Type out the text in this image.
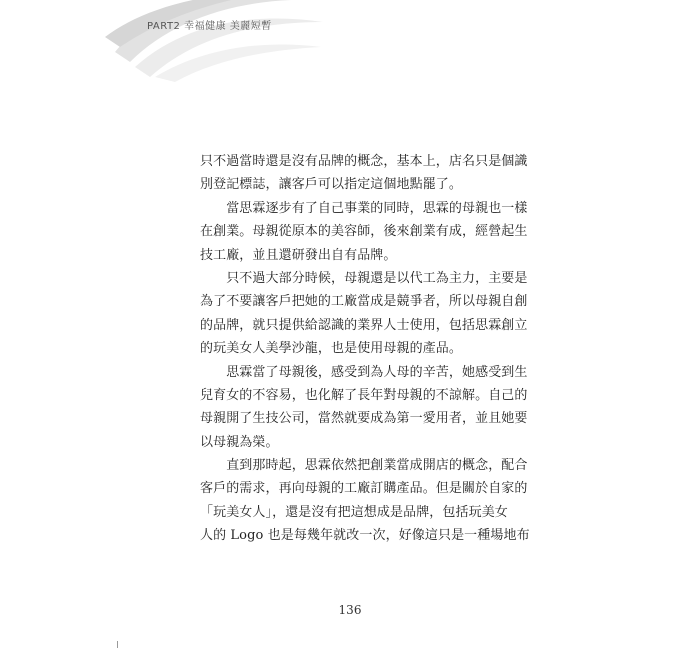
PART2 幸福健康 美麗短暫
只不過當時還是沒有品牌的概念，基本上，店名只是個識
別登記標誌，讓客戶可以指定這個地點罷了。
　　當思霖逐步有了自己事業的同時，思霖的母親也一樣
在創業。母親從原本的美容師，後來創業有成，經營起生
技工廠，並且還研發出自有品牌。
　　只不過大部分時候，母親還是以代工為主力，主要是
為了不要讓客戶把她的工廠當成是競爭者，所以母親自創
的品牌，就只提供給認識的業界人士使用，包括思霖創立
的玩美女人美學沙龍，也是使用母親的產品。
　　思霖當了母親後，感受到為人母的辛苦，她感受到生
兒育女的不容易，也化解了長年對母親的不諒解。自己的
母親開了生技公司，當然就要成為第一愛用者，並且她要
以母親為榮。
　　直到那時起，思霖依然把創業當成開店的概念，配合
客戶的需求，再向母親的工廠訂購產品。但是關於自家的
「玩美女人」，還是沒有把這想成是品牌，包括玩美女
人的 Logo 也是每幾年就改一次，好像這只是一種場地布
136
